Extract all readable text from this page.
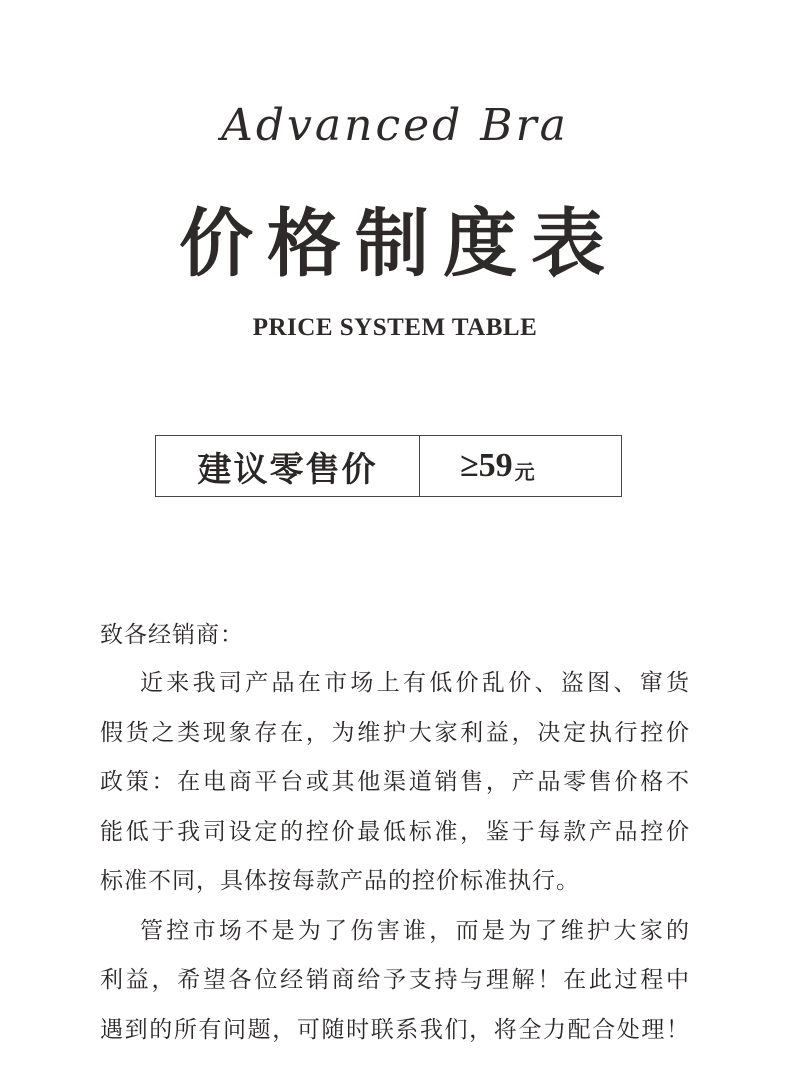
Advanced Bra
价格制度表
PRICE SYSTEM TABLE
建议零售价	≥59 元
致各经销商：
近来我司产品在市场上有低价乱价、盗图、窜货
假货之类现象存在，为维护大家利益，决定执行控价
政策：在电商平台或其他渠道销售，产品零售价格不
能低于我司设定的控价最低标准，鉴于每款产品控价
标准不同，具体按每款产品的控价标准执行。
管控市场不是为了伤害谁，而是为了维护大家的
利益，希望各位经销商给予支持与理解！在此过程中
遇到的所有问题，可随时联系我们，将全力配合处理！
